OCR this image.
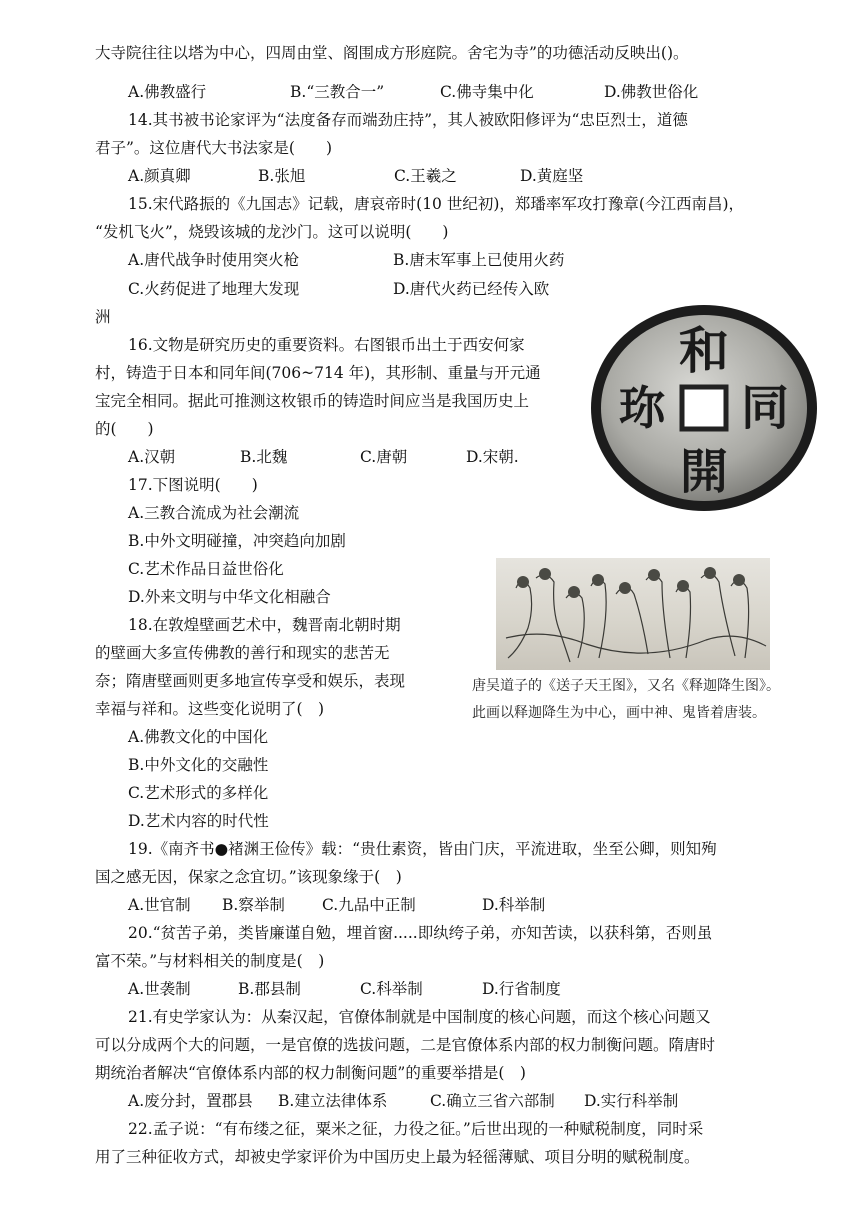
大寺院往往以塔为中心，四周由堂、阁围成方形庭院。舍宅为寺”的功德活动反映出()。
A.佛教盛行	B.“三教合一”	C.佛寺集中化	D.佛教世俗化
14.其书被书论家评为“法度备存而端劲庄持”，其人被欧阳修评为“忠臣烈士，道德
君子”。这位唐代大书法家是(　　)
A.颜真卿	B.张旭	C.王羲之	D.黄庭坚
15.宋代路振的《九国志》记载，唐哀帝时(10 世纪初)，郑璠率军攻打豫章(今江西南昌)，
“发机飞火”，烧毁该城的龙沙门。这可以说明(　　)
A.唐代战争时使用突火枪	B.唐末军事上已使用火药
C.火药促进了地理大发现	D.唐代火药已经传入欧
洲
16.文物是研究历史的重要资料。右图银币出土于西安何家
村，铸造于日本和同年间(706~714 年)，其形制、重量与开元通
宝完全相同。据此可推测这枚银币的铸造时间应当是我国历史上
的(　　)
A.汉朝	B.北魏	C.唐朝	D.宋朝.
17.下图说明(　　)
A.三教合流成为社会潮流
B.中外文明碰撞，冲突趋向加剧
C.艺术作品日益世俗化
D.外来文明与中华文化相融合
18.在敦煌壁画艺术中，魏晋南北朝时期
的壁画大多宣传佛教的善行和现实的悲苦无
奈；隋唐壁画则更多地宣传享受和娱乐，表现
幸福与祥和。这些变化说明了(　)
A.佛教文化的中国化
B.中外文化的交融性
C.艺术形式的多样化
D.艺术内容的时代性
19.《南齐书●褚渊王俭传》载：“贵仕素资，皆由门庆，平流进取，坐至公卿，则知殉
国之感无因，保家之念宜切。”该现象缘于(　)
A.世官制 B.察举制 C.九品中正制	D.科举制
20.“贫苦子弟，类皆廉谨自勉，埋首窗.....即纨绔子弟，亦知苦读，以获科第，否则虽
富不荣。”与材料相关的制度是(　)
A.世袭制	B.郡县制	C.科举制	D.行省制度
21.有史学家认为：从秦汉起，官僚体制就是中国制度的核心问题，而这个核心问题又
可以分成两个大的问题，一是官僚的选拔问题，二是官僚体系内部的权力制衡问题。隋唐时
期统治者解决“官僚体系内部的权力制衡问题”的重要举措是(　)
A.废分封，置郡县 B.建立法律体系	C.确立三省六部制 D.实行科举制
22.孟子说：“有布缕之征，粟米之征，力役之征。”后世出现的一种赋税制度，同时采
用了三种征收方式，却被史学家评价为中国历史上最为轻徭薄赋、项目分明的赋税制度。
和
同
開
珎
唐吴道子的《送子天王图》，又名《释迦降生图》。
此画以释迦降生为中心，画中神、鬼皆着唐装。
